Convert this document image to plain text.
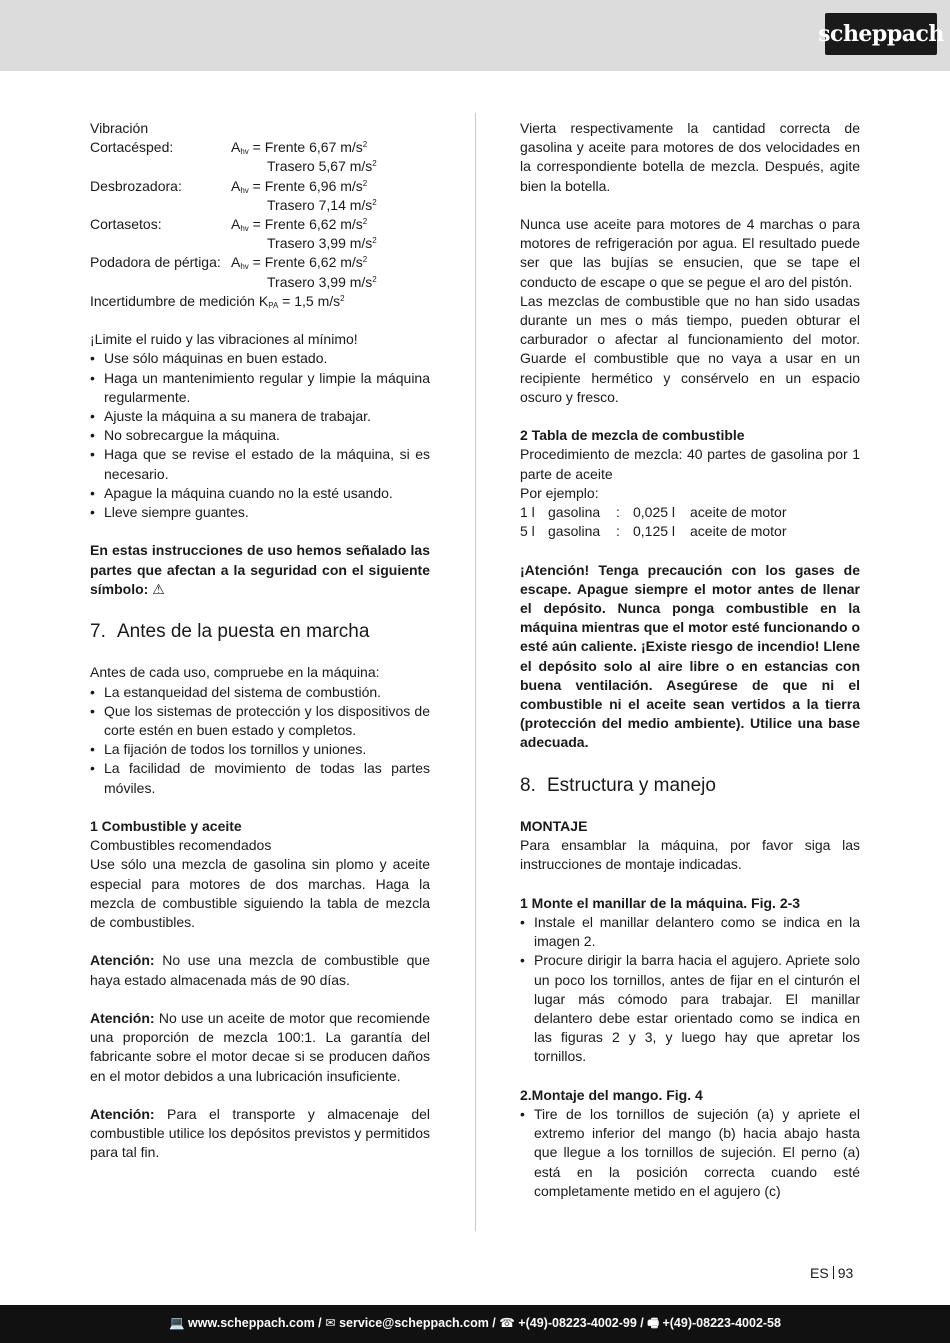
scheppach

Vibración

Cortacésped:	$A_{hv}$ = Frente 6,67 $m/s^2$
Trasero 5,67 $m/s^2$
Desbrozadora:	$A_{hv}$ = Frente 6,96 $m/s^2$
Trasero 7,14 $m/s^2$
Cortasetos:	$A_{hv}$ = Frente 6,62 $m/s^2$
Trasero 3,99 $m/s^2$
Podadora de pértiga: $A_{hv}$ = Frente 6,62 $m/s^2$
Trasero 3,99 $m/s^2$

Incertidumbre de medición $K_{PA} = 1,5$ $m/s^2$

¡Limite el ruido y las vibraciones al mínimo!

• Use sólo máquinas en buen estado.
• Haga un mantenimiento regular y limpie la máquina regularmente.
• Ajuste la máquina a su manera de trabajar.
• No sobrecargue la máquina.
• Haga que se revise el estado de la máquina, si es necesario.
• Apague la máquina cuando no la esté usando.
• Lleve siempre guantes.

En estas instrucciones de uso hemos señalado las partes que afectan a la seguridad con el siguiente símbolo: ⚠

7. Antes de la puesta en marcha

Antes de cada uso, compruebe en la máquina:

• La estanqueidad del sistema de combustión.
• Que los sistemas de protección y los dispositivos de corte estén en buen estado y completos.
• La fijación de todos los tornillos y uniones.
• La facilidad de movimiento de todas las partes móviles.

1 Combustible y aceite

Combustibles recomendados

Use sólo una mezcla de gasolina sin plomo y aceite especial para motores de dos marchas. Haga la mezcla de combustible siguiendo la tabla de mezcla de combustibles.

Atención: No use una mezcla de combustible que haya estado almacenada más de 90 días.

Atención: No use un aceite de motor que recomiende una proporción de mezcla 100:1. La garantía del fabricante sobre el motor decae si se producen daños en el motor debidos a una lubricación insuficiente.

Atención: Para el transporte y almacenaje del combustible utilice los depósitos previstos y permitidos para tal fin.

Vierta respectivamente la cantidad correcta de gasolina y aceite para motores de dos velocidades en la correspondiente botella de mezcla. Después, agite bien la botella.

Nunca use aceite para motores de 4 marchas o para motores de refrigeración por agua. El resultado puede ser que las bujías se ensucien, que se tape el conducto de escape o que se pegue el aro del pistón.

Las mezclas de combustible que no han sido usadas durante un mes o más tiempo, pueden obturar el carburador o afectar al funcionamiento del motor. Guarde el combustible que no vaya a usar en un recipiente hermético y consérvelo en un espacio oscuro y fresco.

2 Tabla de mezcla de combustible

Procedimiento de mezcla: 40 partes de gasolina por 1 parte de aceite

Por ejemplo:

1 l gasolina	: 0,025 l	aceite de motor
5 l gasolina	: 0,125 l	aceite de motor

¡Atención! Tenga precaución con los gases de escape. Apague siempre el motor antes de llenar el depósito. Nunca ponga combustible en la máquina mientras que el motor esté funcionando o esté aún caliente. ¡Existe riesgo de incendio! Llene el depósito solo al aire libre o en estancias con buena ventilación. Asegúrese de que ni el combustible ni el aceite sean vertidos a la tierra (protección del medio ambiente). Utilice una base adecuada.

8. Estructura y manejo

MONTAJE

Para ensamblar la máquina, por favor siga las instrucciones de montaje indicadas.

1 Monte el manillar de la máquina. Fig. 2-3

• Instale el manillar delantero como se indica en la imagen 2.
• Procure dirigir la barra hacia el agujero. Apriete solo un poco los tornillos, antes de fijar en el cinturón el lugar más cómodo para trabajar. El manillar delantero debe estar orientado como se indica en las figuras 2 y 3, y luego hay que apretar los tornillos.

2.Montaje del mango. Fig. 4

• Tire de los tornillos de sujeción (a) y apriete el extremo inferior del mango (b) hacia abajo hasta que llegue a los tornillos de sujeción. El perno (a) está en la posición correcta cuando esté completamente metido en el agujero (c)
ES 93
💻 www.scheppach.com / ✉ service@scheppach.com / ☎ +(49)-08223-4002-99 / 🖷 +(49)-08223-4002-58
